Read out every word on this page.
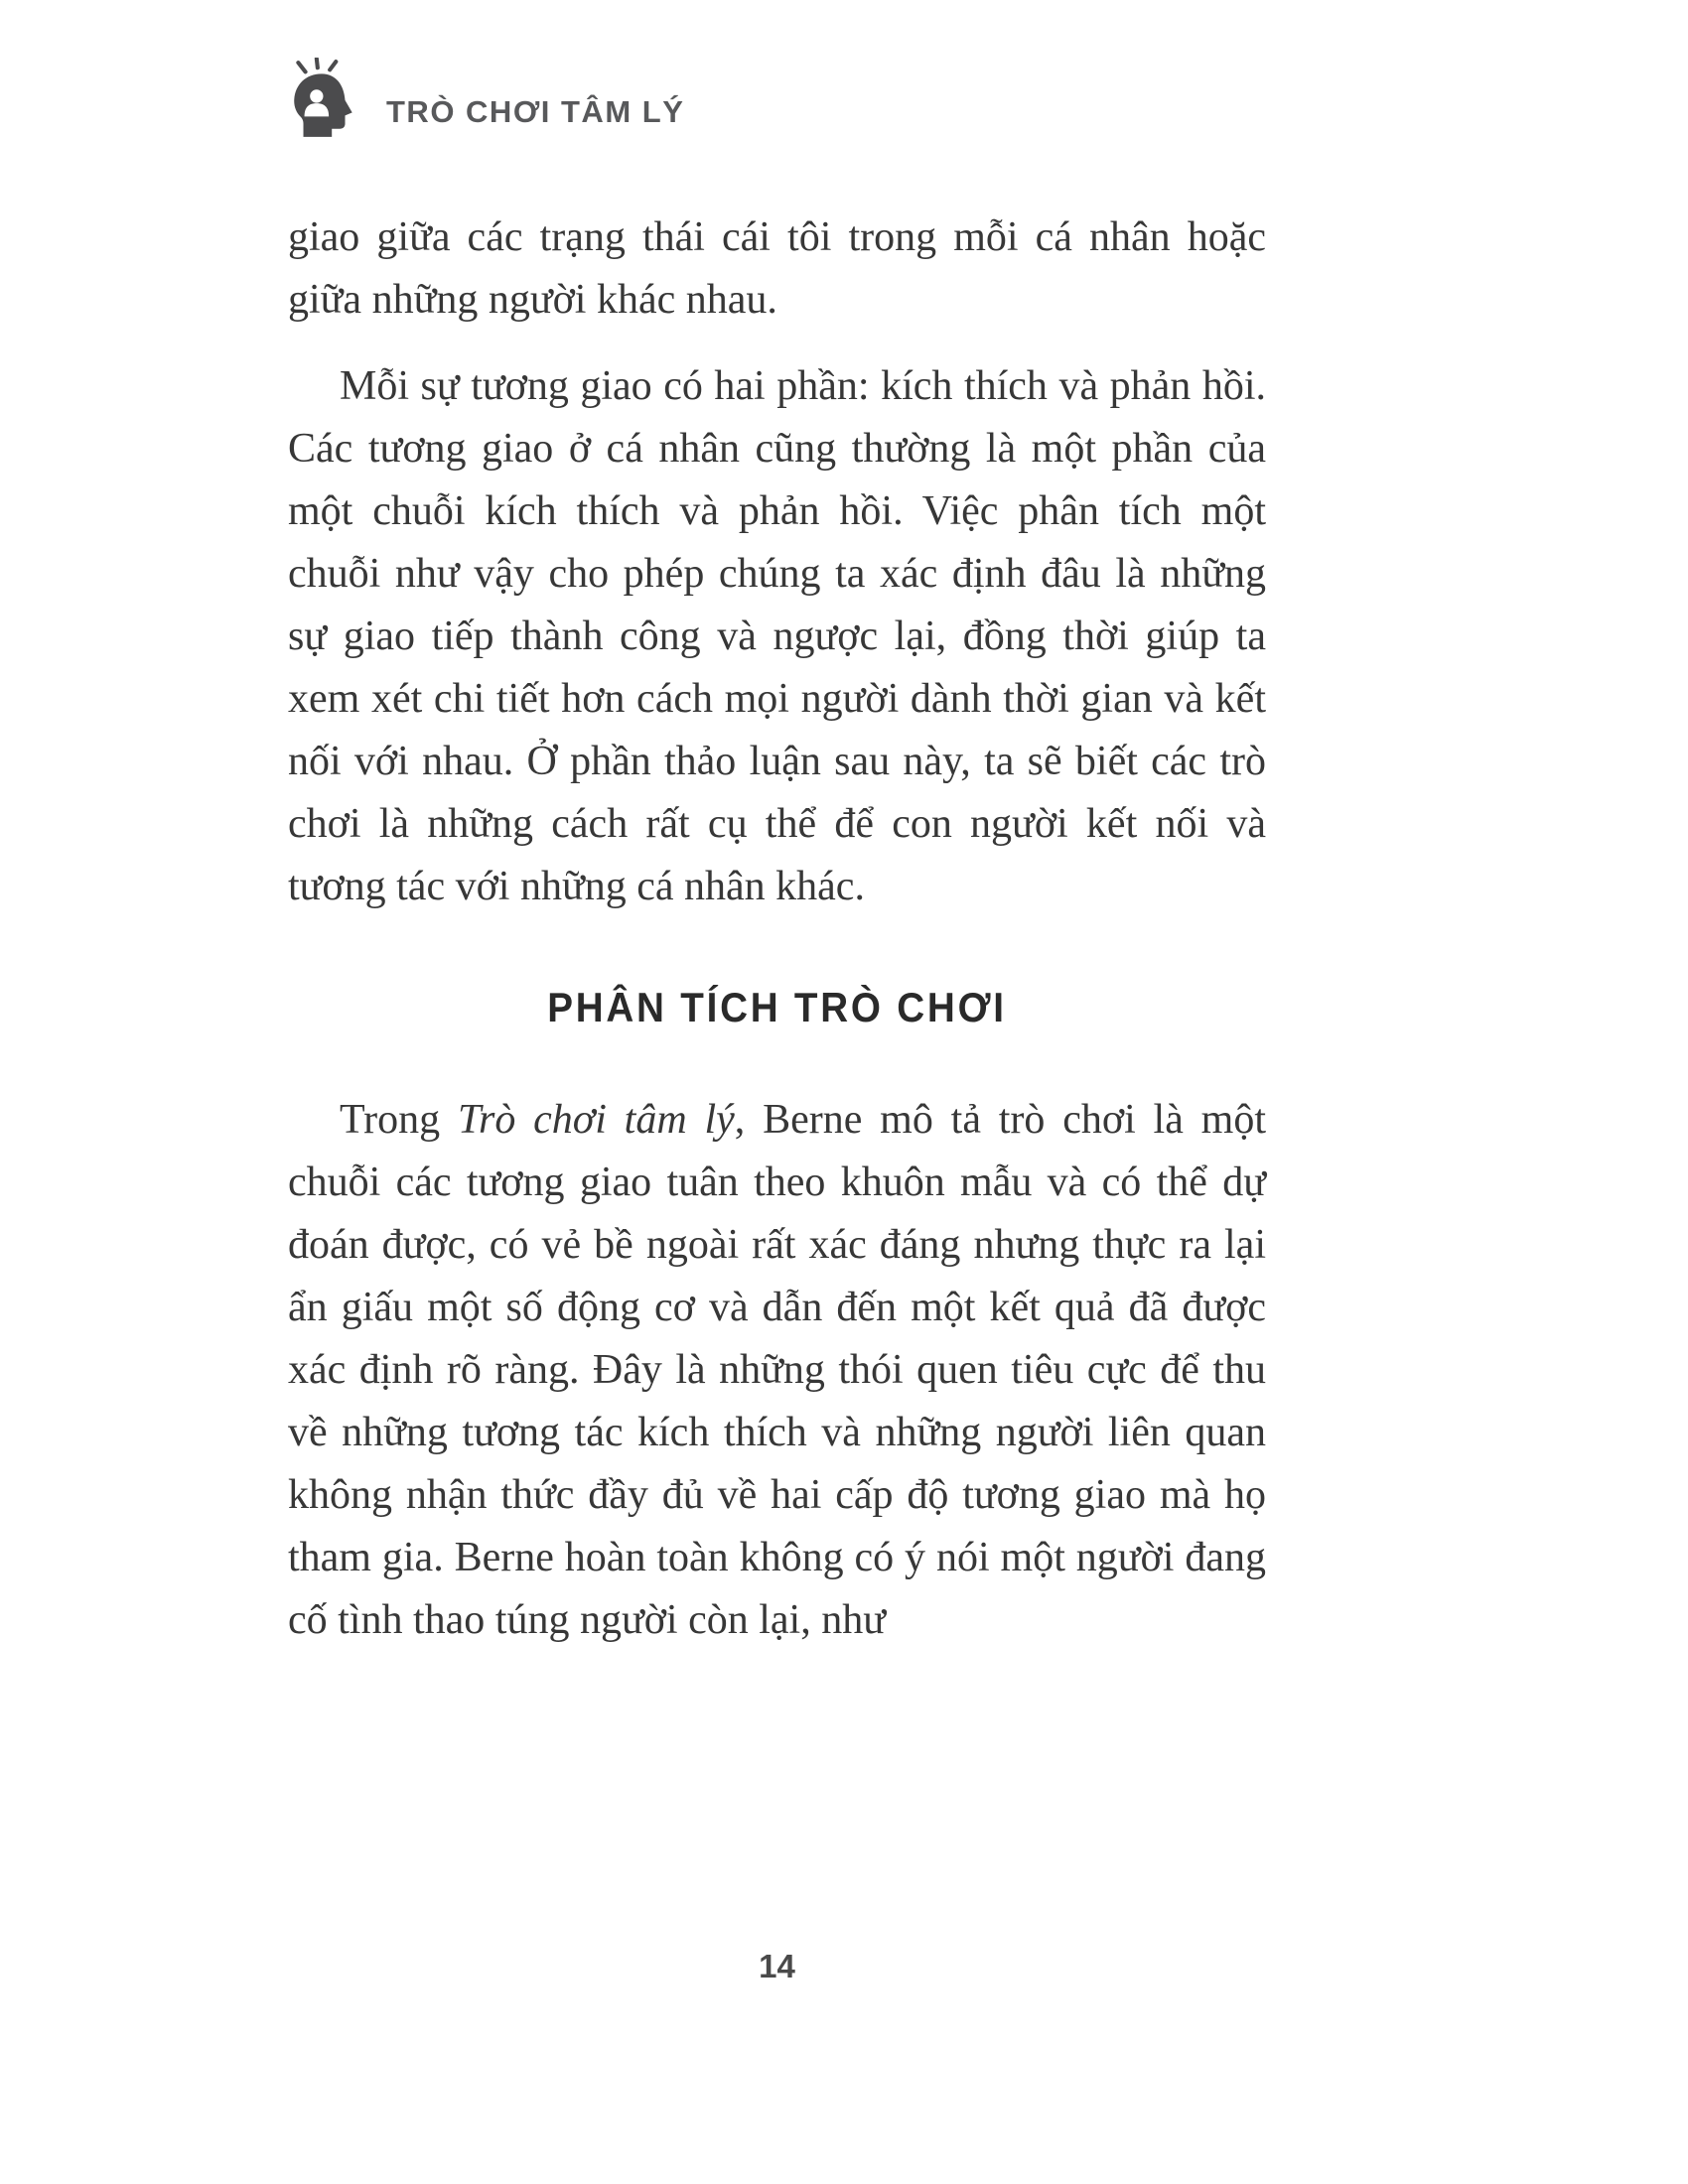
TRÒ CHƠI TÂM LÝ

giao giữa các trạng thái cái tôi trong mỗi cá nhân hoặc giữa những người khác nhau.

Mỗi sự tương giao có hai phần: kích thích và phản hồi. Các tương giao ở cá nhân cũng thường là một phần của một chuỗi kích thích và phản hồi. Việc phân tích một chuỗi như vậy cho phép chúng ta xác định đâu là những sự giao tiếp thành công và ngược lại, đồng thời giúp ta xem xét chi tiết hơn cách mọi người dành thời gian và kết nối với nhau. Ở phần thảo luận sau này, ta sẽ biết các trò chơi là những cách rất cụ thể để con người kết nối và tương tác với những cá nhân khác.

PHÂN TÍCH TRÒ CHƠI

Trong Trò chơi tâm lý, Berne mô tả trò chơi là một chuỗi các tương giao tuân theo khuôn mẫu và có thể dự đoán được, có vẻ bề ngoài rất xác đáng nhưng thực ra lại ẩn giấu một số động cơ và dẫn đến một kết quả đã được xác định rõ ràng. Đây là những thói quen tiêu cực để thu về những tương tác kích thích và những người liên quan không nhận thức đầy đủ về hai cấp độ tương giao mà họ tham gia. Berne hoàn toàn không có ý nói một người đang cố tình thao túng người còn lại, như

14
